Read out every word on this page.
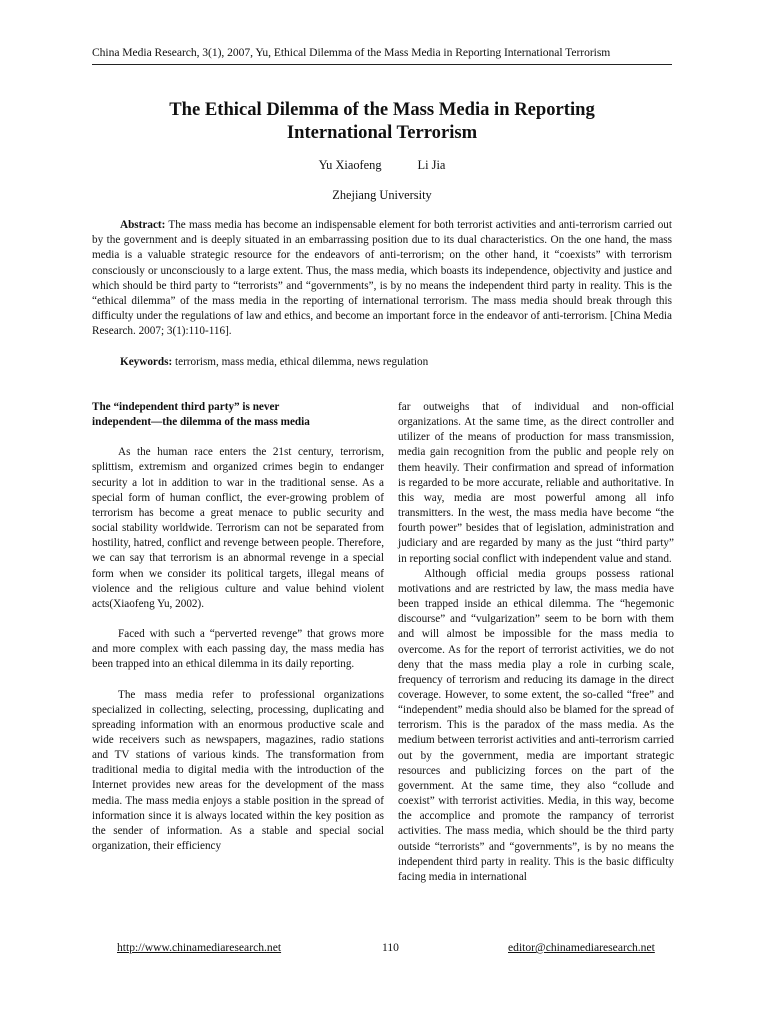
China Media Research, 3(1), 2007, Yu, Ethical Dilemma of the Mass Media in Reporting International Terrorism
The Ethical Dilemma of the Mass Media in Reporting
International Terrorism
Yu Xiaofeng	Li Jia
Zhejiang University

Abstract: The mass media has become an indispensable element for both terrorist activities and anti-terrorism carried out by the government and is deeply situated in an embarrassing position due to its dual characteristics. On the one hand, the mass media is a valuable strategic resource for the endeavors of anti-terrorism; on the other hand, it “coexists” with terrorism consciously or unconsciously to a large extent. Thus, the mass media, which boasts its independence, objectivity and justice and which should be third party to “terrorists” and “governments”, is by no means the independent third party in reality. This is the “ethical dilemma” of the mass media in the reporting of international terrorism. The mass media should break through this difficulty under the regulations of law and ethics, and become an important force in the endeavor of anti-terrorism. [China Media Research. 2007; 3(1):110-116].

Keywords: terrorism, mass media, ethical dilemma, news regulation

The “independent third party” is never
independent—the dilemma of the mass media

As the human race enters the 21st century, terrorism, splittism, extremism and organized crimes begin to endanger security a lot in addition to war in the traditional sense. As a special form of human conflict, the ever-growing problem of terrorism has become a great menace to public security and social stability worldwide. Terrorism can not be separated from hostility, hatred, conflict and revenge between people. Therefore, we can say that terrorism is an abnormal revenge in a special form when we consider its political targets, illegal means of violence and the religious culture and value behind violent acts(Xiaofeng Yu, 2002).

Faced with such a “perverted revenge” that grows more and more complex with each passing day, the mass media has been trapped into an ethical dilemma in its daily reporting.

The mass media refer to professional organizations specialized in collecting, selecting, processing, duplicating and spreading information with an enormous productive scale and wide receivers such as newspapers, magazines, radio stations and TV stations of various kinds. The transformation from traditional media to digital media with the introduction of the Internet provides new areas for the development of the mass media. The mass media enjoys a stable position in the spread of information since it is always located within the key position as the sender of information. As a stable and special social organization, their efficiency

far outweighs that of individual and non-official organizations. At the same time, as the direct controller and utilizer of the means of production for mass transmission, media gain recognition from the public and people rely on them heavily. Their confirmation and spread of information is regarded to be more accurate, reliable and authoritative. In this way, media are most powerful among all info transmitters. In the west, the mass media have become “the fourth power” besides that of legislation, administration and judiciary and are regarded by many as the just “third party” in reporting social conflict with independent value and stand.

Although official media groups possess rational motivations and are restricted by law, the mass media have been trapped inside an ethical dilemma. The “hegemonic discourse” and “vulgarization” seem to be born with them and will almost be impossible for the mass media to overcome. As for the report of terrorist activities, we do not deny that the mass media play a role in curbing scale, frequency of terrorism and reducing its damage in the direct coverage. However, to some extent, the so-called “free” and “independent” media should also be blamed for the spread of terrorism. This is the paradox of the mass media. As the medium between terrorist activities and anti-terrorism carried out by the government, media are important strategic resources and publicizing forces on the part of the government. At the same time, they also “collude and coexist” with terrorist activities. Media, in this way, become the accomplice and promote the rampancy of terrorist activities. The mass media, which should be the third party outside “terrorists” and “governments”, is by no means the independent third party in reality. This is the basic difficulty facing media in international

http://www.chinamediaresearch.net	110	editor@chinamediaresearch.net
